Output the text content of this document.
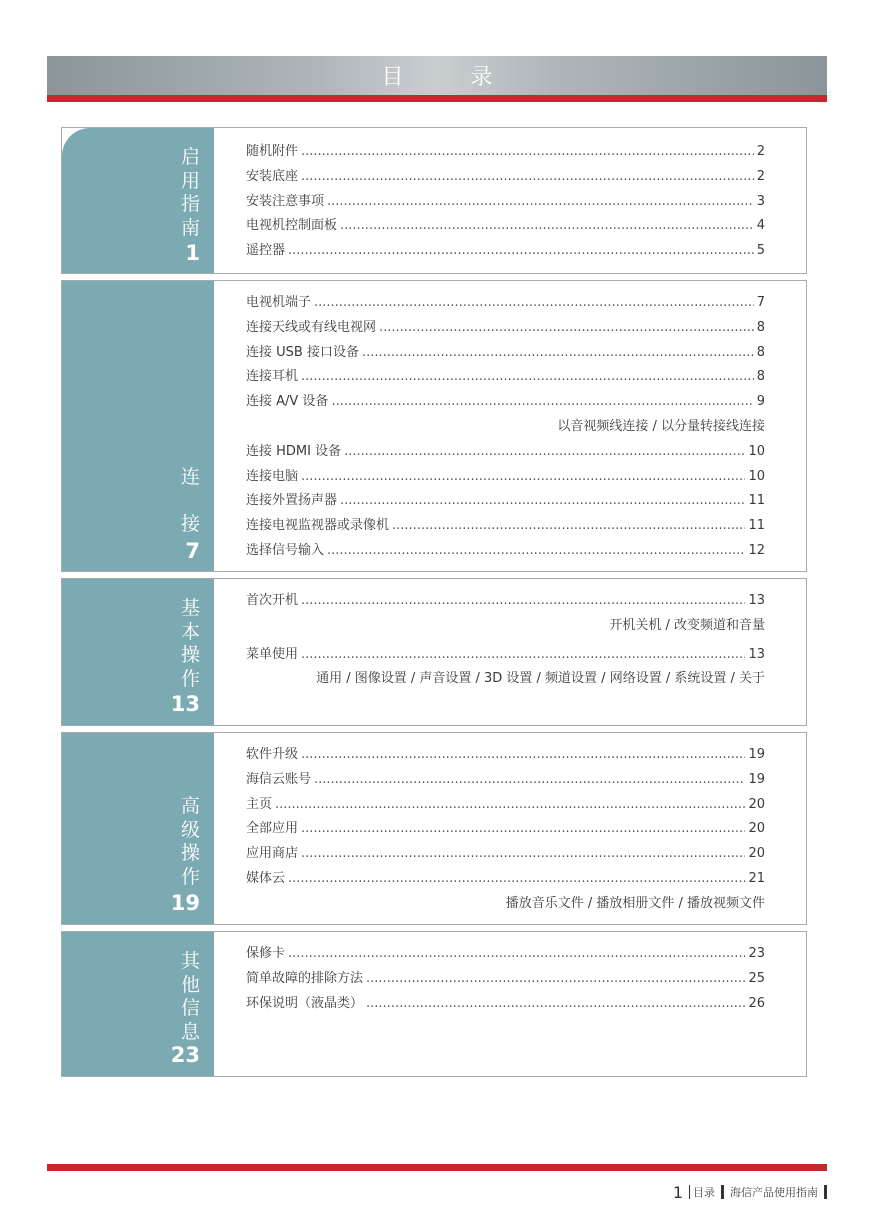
目 录
启
用
指
南
1
随机附件 .....	2
安装底座 .....	2
安装注意事项 .....	3
电视机控制面板 .....	4
遥控器 .....	5
连
接
7
电视机端子 .....	7
连接天线或有线电视网 .....	8
连接 USB 接口设备 .....	8
连接耳机 .....	8
连接 A/V 设备 .....	9
以音视频线连接 / 以分量转接线连接
连接 HDMI 设备 .....	10
连接电脑 .....	10
连接外置扬声器 .....	11
连接电视监视器或录像机 .....	11
选择信号输入 .....	12
基
本
操
作
13
首次开机 .....	13
开机关机 / 改变频道和音量
菜单使用 .....	13
通用 / 图像设置 / 声音设置 / 3D 设置 / 频道设置 / 网络设置 / 系统设置 / 关于
高
级
操
作
19
软件升级 .....	19
海信云账号 .....	19
主页 .....	20
全部应用 .....	20
应用商店 .....	20
媒体云 .....	21
播放音乐文件 / 播放相册文件 / 播放视频文件
其
他
信
息
23
保修卡 .....	23
简单故障的排除方法 .....	25
环保说明（液晶类） .....	26
1 目录 海信产品使用指南
